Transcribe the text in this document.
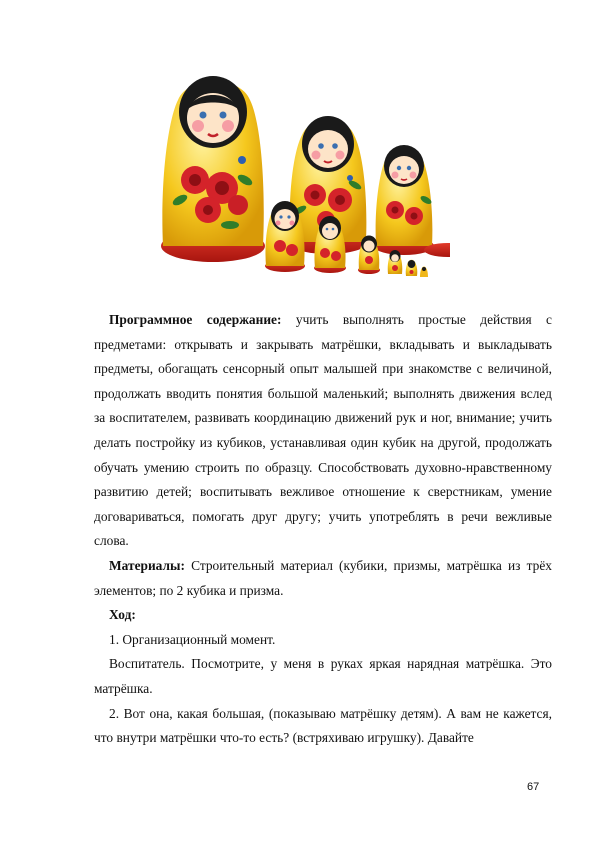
Программное содержание: учить выполнять простые действия с предметами: открывать и закрывать матрёшки, вкладывать и выкладывать предметы, обогащать сенсорный опыт малышей при знакомстве с величиной, продолжать вводить понятия большой маленький; выполнять движения вслед за воспитателем, развивать координацию движений рук и ног, внимание; учить делать постройку из кубиков, устанавливая один кубик на другой, продолжать обучать умению строить по образцу. Способствовать духовно-нравственному развитию детей; воспитывать вежливое отношение к сверстникам, умение договариваться, помогать друг другу; учить употреблять в речи вежливые слова.

Материалы: Строительный материал (кубики, призмы, матрёшка из трёх элементов; по 2 кубика и призма.

Ход:

1. Организационный момент.

Воспитатель. Посмотрите, у меня в руках яркая нарядная матрёшка. Это матрёшка.

2. Вот она, какая большая, (показываю матрёшку детям). А вам не кажется, что внутри матрёшки что-то есть? (встряхиваю игрушку). Давайте

67
